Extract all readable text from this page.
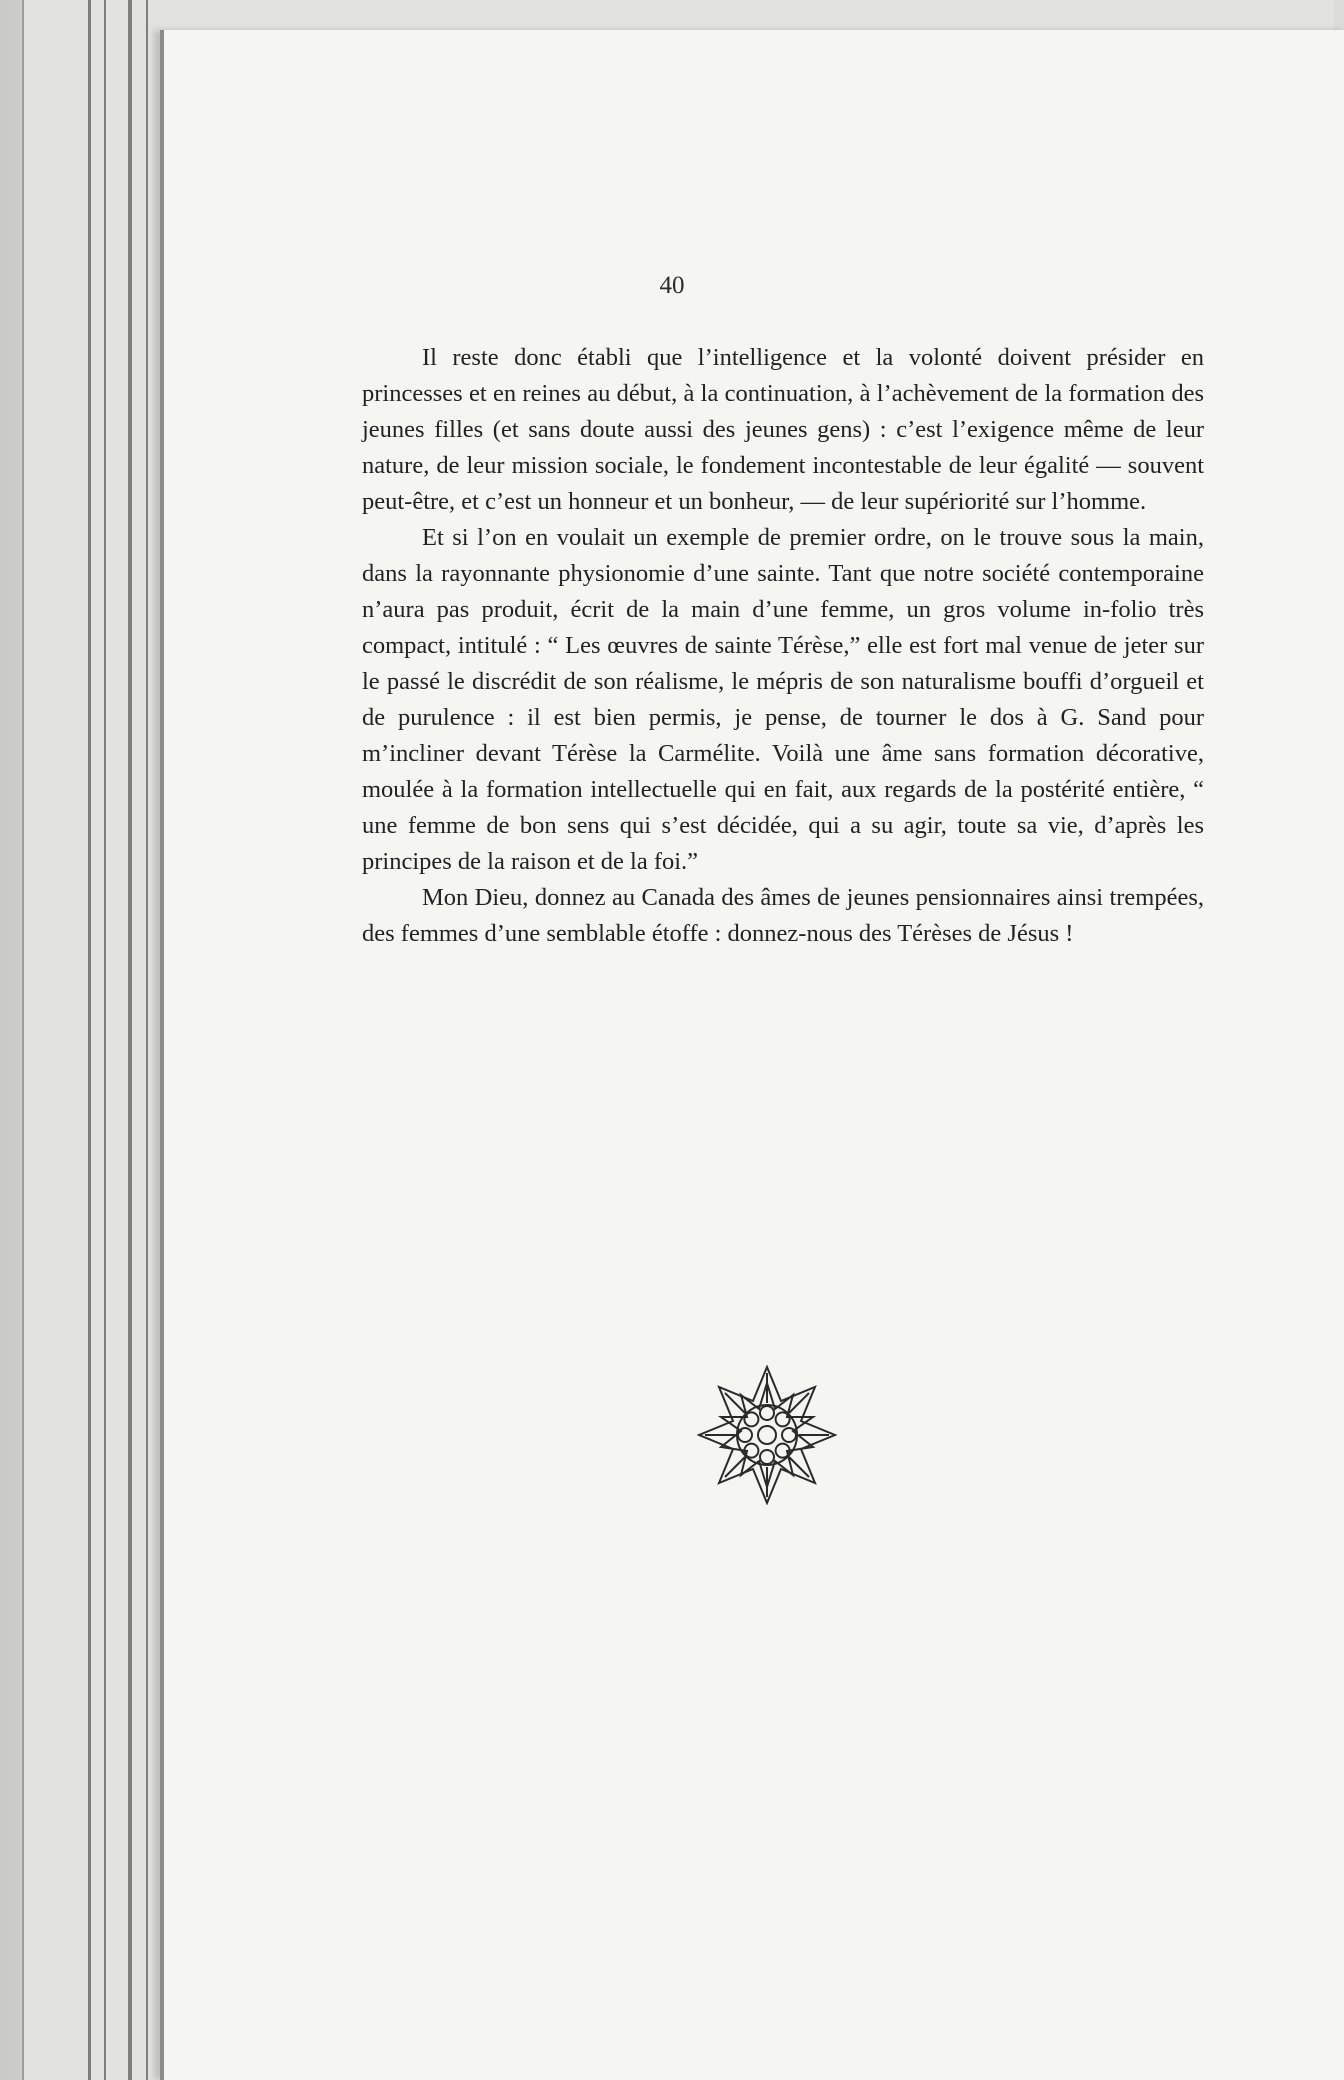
40

Il reste donc établi que l’intelligence et la volonté doivent présider en princesses et en reines au début, à la continuation, à l’achèvement de la formation des jeunes filles (et sans doute aussi des jeunes gens) : c’est l’exigence même de leur nature, de leur mission sociale, le fondement incontestable de leur égalité — souvent peut-être, et c’est un honneur et un bonheur, — de leur supériorité sur l’homme.

Et si l’on en voulait un exemple de premier ordre, on le trouve sous la main, dans la rayonnante physionomie d’une sainte. Tant que notre société contemporaine n’aura pas produit, écrit de la main d’une femme, un gros volume in-folio très compact, intitulé : “ Les œuvres de sainte Térèse,” elle est fort mal venue de jeter sur le passé le discrédit de son réalisme, le mépris de son naturalisme bouffi d’orgueil et de purulence : il est bien permis, je pense, de tourner le dos à G. Sand pour m’incliner devant Térèse la Carmélite. Voilà une âme sans formation décorative, moulée à la formation intellectuelle qui en fait, aux regards de la postérité entière, “ une femme de bon sens qui s’est décidée, qui a su agir, toute sa vie, d’après les principes de la raison et de la foi.”

Mon Dieu, donnez au Canada des âmes de jeunes pensionnaires ainsi trempées, des femmes d’une semblable étoffe : donnez-nous des Térèses de Jésus !
